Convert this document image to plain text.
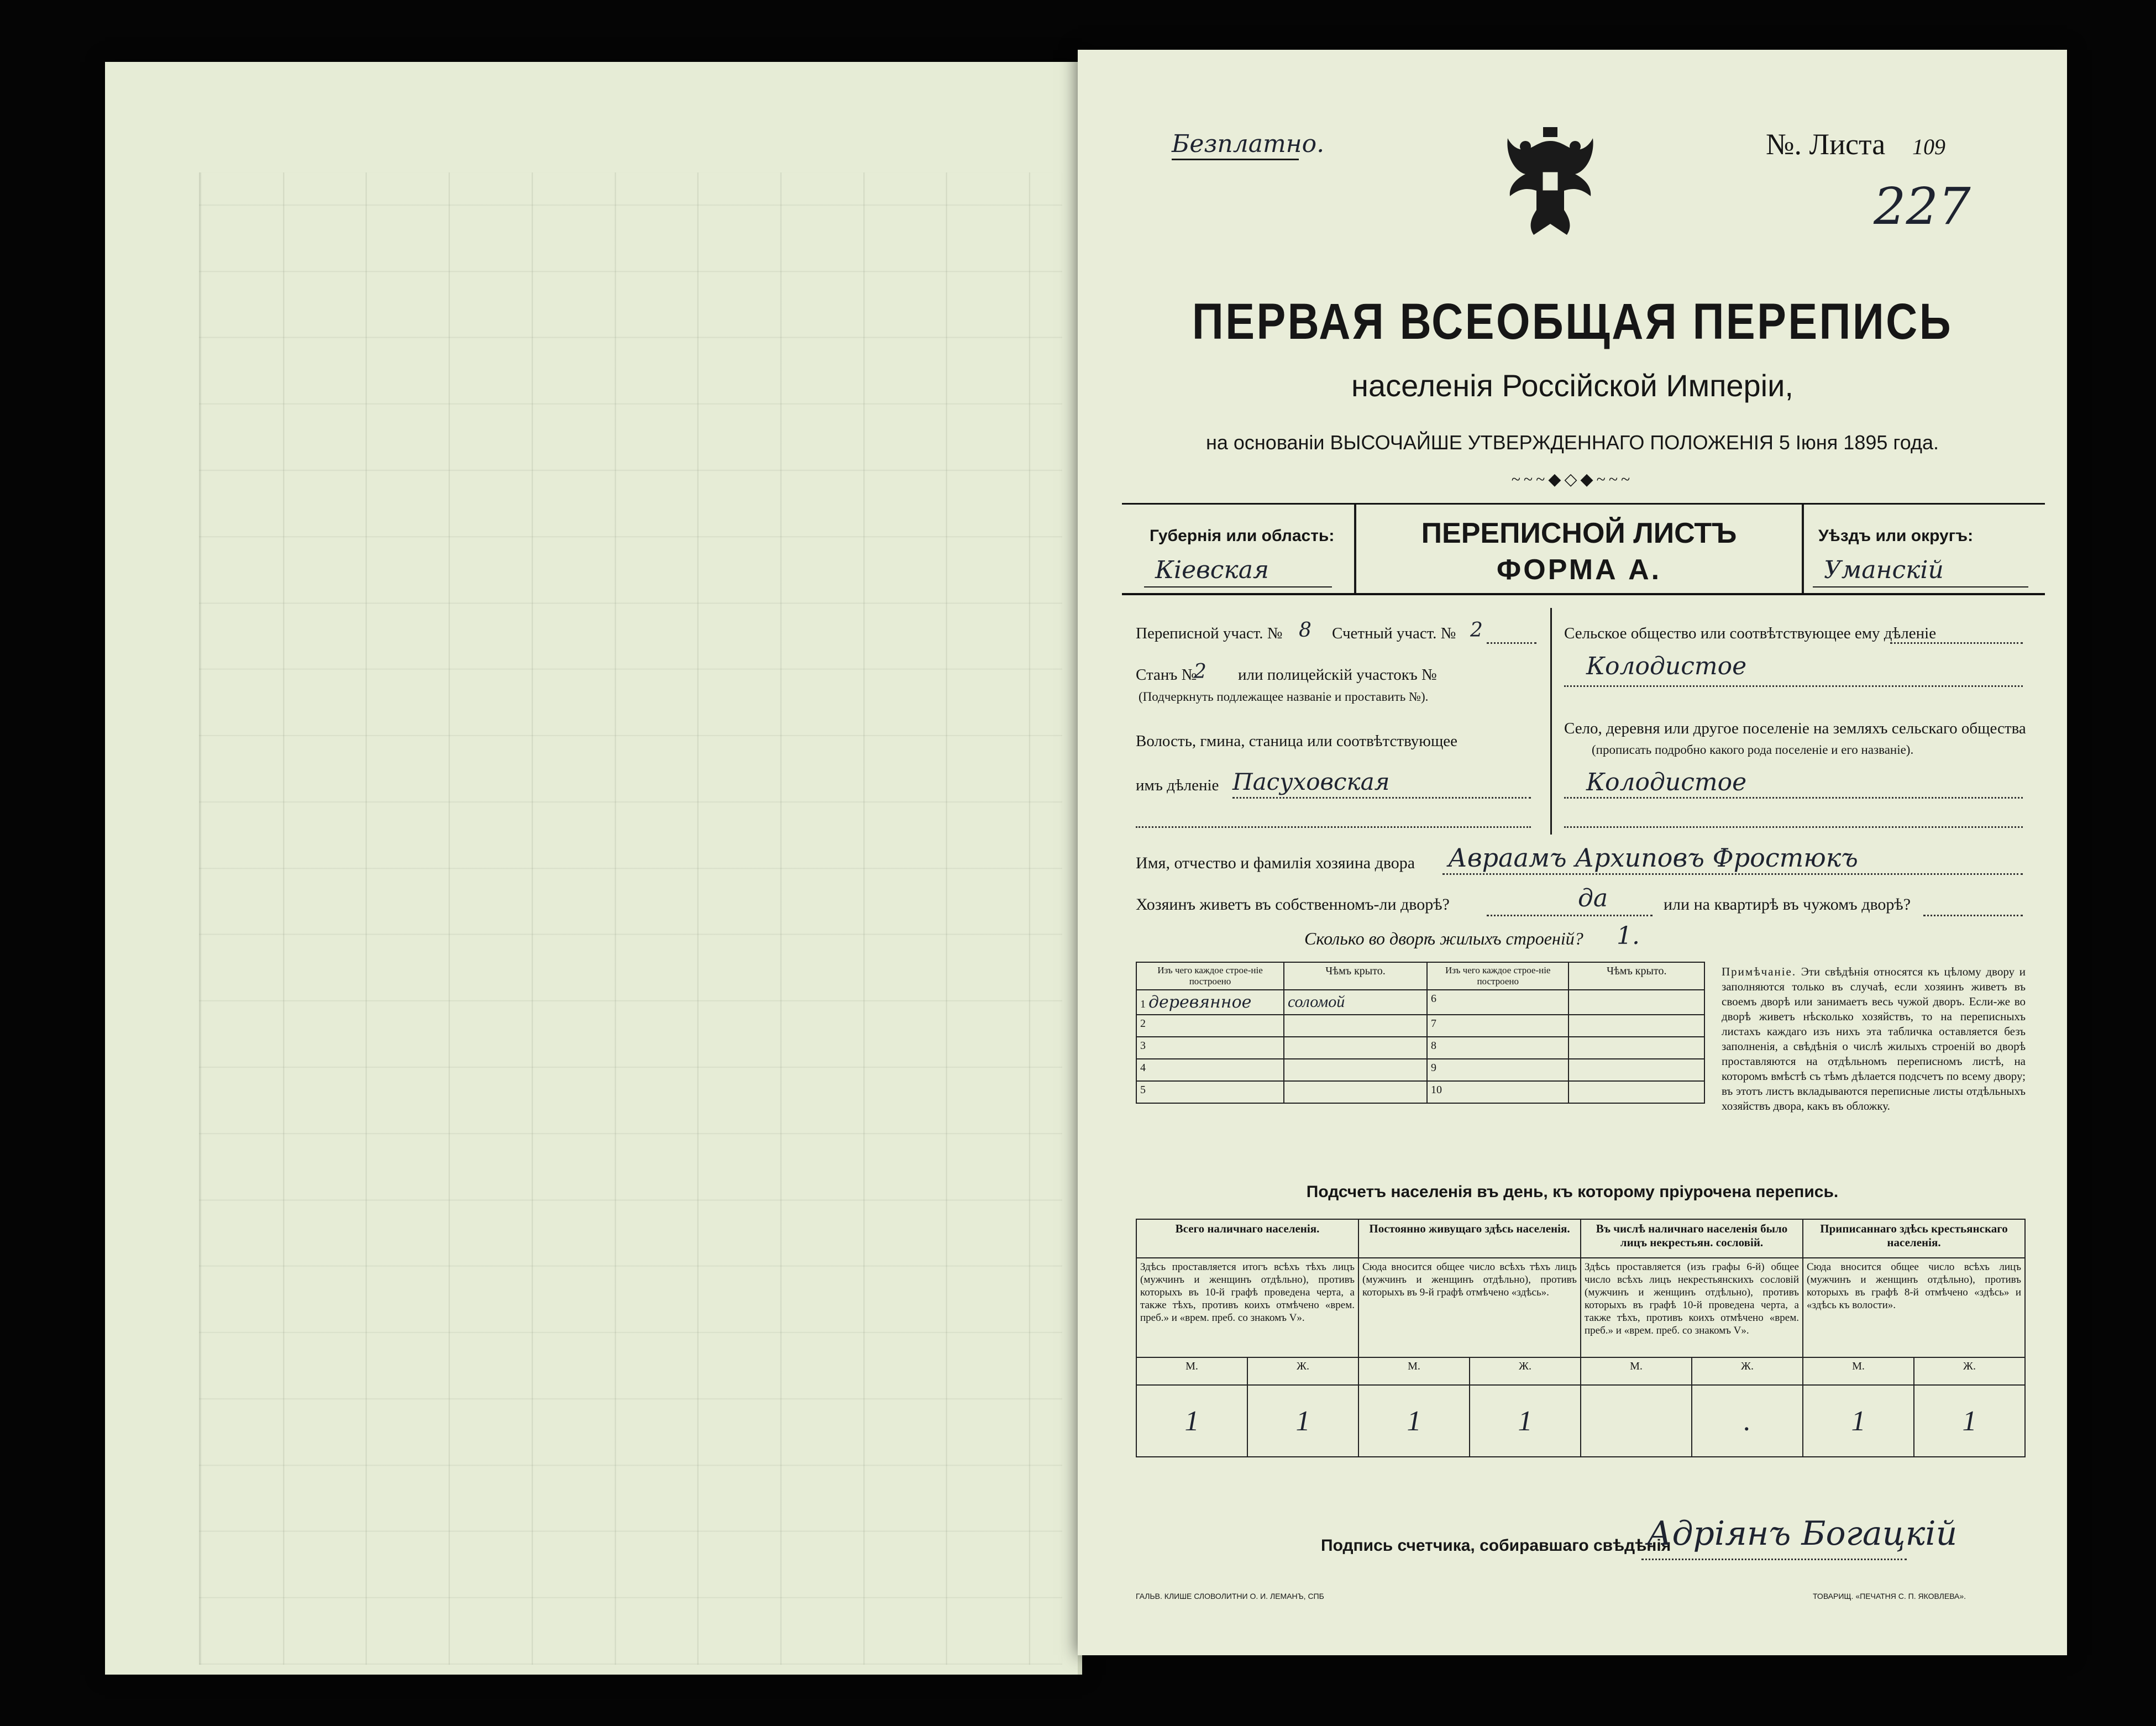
Безплатно.	№. Листа 109
227
ПЕРВАЯ ВСЕОБЩАЯ ПЕРЕПИСЬ
населенія Россійской Имперіи,
на основаніи ВЫСОЧАЙШЕ УТВЕРЖДЕННАГО ПОЛОЖЕНІЯ 5 Іюня 1895 года.
~~~◆◇◆~~~
Губернія или область:
Кіевская
ПЕРЕПИСНОЙ ЛИСТЪ
ФОРМА А.
Уѣздъ или округъ:
Уманскій
Переписной участ. № 8 Счетный участ. № 2
Станъ №
2 или полицейскій участокъ №
(Подчеркнуть подлежащее названіе и проставить №).
Волость, гмина, станица или соотвѣтствующее
имъ дѣленіе Пасуховская
Сельское общество или соотвѣтствующее ему дѣленіе
Колодистое
Село, деревня или другое поселеніе на земляхъ сельскаго общества
(прописать подробно какого рода поселеніе и его названіе).
Колодистое
Имя, отчество и фамилія хозяина двора Авраамъ Архиповъ Фростюкъ
Хозяинъ живетъ въ собственномъ-ли дворѣ?	да	или на квартирѣ въ чужомъ дворѣ?
Сколько во дворѣ жилыхъ строеній? 1.
Изъ чего каждое строе-ніе построено	Чѣмъ крыто.	Изъ чего каждое строе-ніе построено	Чѣмъ крыто.
1 деревянное	соломой	6	
2		7	
3		8	
4		9	
5		10	
Примѣчаніе. Эти свѣдѣнія относятся къ цѣлому двору и заполняются только въ случаѣ, если хозяинъ живетъ въ своемъ дворѣ или занимаетъ весь чужой дворъ. Если-же во дворѣ живетъ нѣсколько хозяйствъ, то на переписныхъ листахъ каждаго изъ нихъ эта табличка оставляется безъ заполненія, а свѣдѣнія о числѣ жилыхъ строеній во дворѣ проставляются на отдѣльномъ переписномъ листѣ, на которомъ вмѣстѣ съ тѣмъ дѣлается подсчетъ по всему двору; въ этотъ листъ вкладываются переписные листы отдѣльныхъ хозяйствъ двора, какъ въ обложку.
Подсчетъ населенія въ день, къ которому пріурочена перепись.
Всего наличнаго населенія.		Постоянно живущаго здѣсь населенія.		Въ числѣ наличнаго населенія было лицъ некрестьян. сословій.		Приписаннаго здѣсь крестьянскаго населенія.	
Здѣсь проставляется итогъ всѣхъ тѣхъ лицъ (мужчинъ и женщинъ отдѣльно), противъ которыхъ въ 10-й графѣ проведена черта, а также тѣхъ, противъ коихъ отмѣчено «врем. преб.» и «врем. преб. со знакомъ V».		Сюда вносится общее число всѣхъ тѣхъ лицъ (мужчинъ и женщинъ отдѣльно), противъ которыхъ въ 9-й графѣ отмѣчено «здѣсь».		Здѣсь проставляется (изъ графы 6-й) общее число всѣхъ лицъ некрестьянскихъ сословій (мужчинъ и женщинъ отдѣльно), противъ которыхъ въ графѣ 10-й проведена черта, а также тѣхъ, противъ коихъ отмѣчено «врем. преб.» и «врем. преб. со знакомъ V».		Сюда вносится общее число всѣхъ лицъ (мужчинъ и женщинъ отдѣльно), противъ которыхъ въ графѣ 8-й отмѣчено «здѣсь» и «здѣсь къ волости».	
М.	Ж.	М.	Ж.	М.	Ж.	М.	Ж.
1	1	1	1		.	1	1
Подпись счетчика, собиравшаго свѣдѣнія
Адріянъ Богацкій
ГАЛЬВ. КЛИШЕ СЛОВОЛИТНИ О. И. ЛЕМАНЪ, СПБ	ТОВАРИЩ. «ПЕЧАТНЯ С. П. ЯКОВЛЕВА».
